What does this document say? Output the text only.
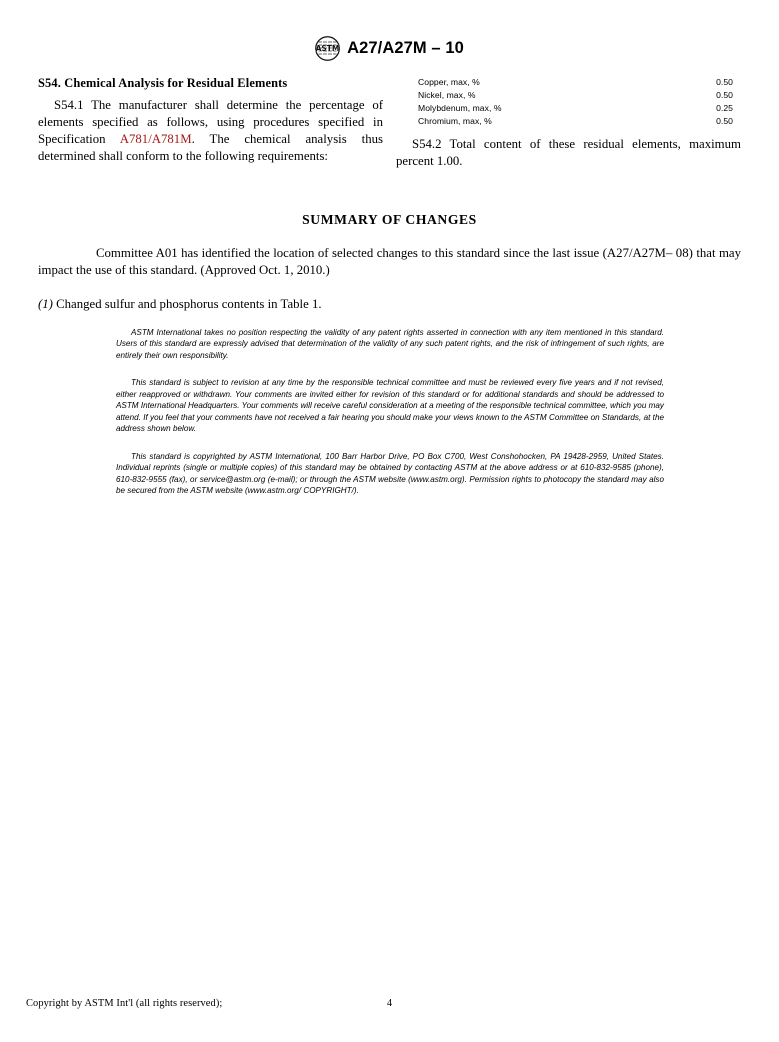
ASTM A27/A27M – 10
S54. Chemical Analysis for Residual Elements

S54.1 The manufacturer shall determine the percentage of elements specified as follows, using procedures specified in Specification A781/A781M. The chemical analysis thus determined shall conform to the following requirements:

Copper, max, %	0.50
Nickel, max, %	0.50
Molybdenum, max, %	0.25
Chromium, max, %	0.50

S54.2 Total content of these residual elements, maximum percent 1.00.

SUMMARY OF CHANGES

Committee A01 has identified the location of selected changes to this standard since the last issue (A27/A27M– 08) that may impact the use of this standard. (Approved Oct. 1, 2010.)

(1) Changed sulfur and phosphorus contents in Table 1.

ASTM International takes no position respecting the validity of any patent rights asserted in connection with any item mentioned in this standard. Users of this standard are expressly advised that determination of the validity of any such patent rights, and the risk of infringement of such rights, are entirely their own responsibility.

This standard is subject to revision at any time by the responsible technical committee and must be reviewed every five years and if not revised, either reapproved or withdrawn. Your comments are invited either for revision of this standard or for additional standards and should be addressed to ASTM International Headquarters. Your comments will receive careful consideration at a meeting of the responsible technical committee, which you may attend. If you feel that your comments have not received a fair hearing you should make your views known to the ASTM Committee on Standards, at the address shown below.

This standard is copyrighted by ASTM International, 100 Barr Harbor Drive, PO Box C700, West Conshohocken, PA 19428-2959, United States. Individual reprints (single or multiple copies) of this standard may be obtained by contacting ASTM at the above address or at 610-832-9585 (phone), 610-832-9555 (fax), or service@astm.org (e-mail); or through the ASTM website (www.astm.org). Permission rights to photocopy the standard may also be secured from the ASTM website (www.astm.org/ COPYRIGHT/).

Copyright by ASTM Int'l (all rights reserved);	4
